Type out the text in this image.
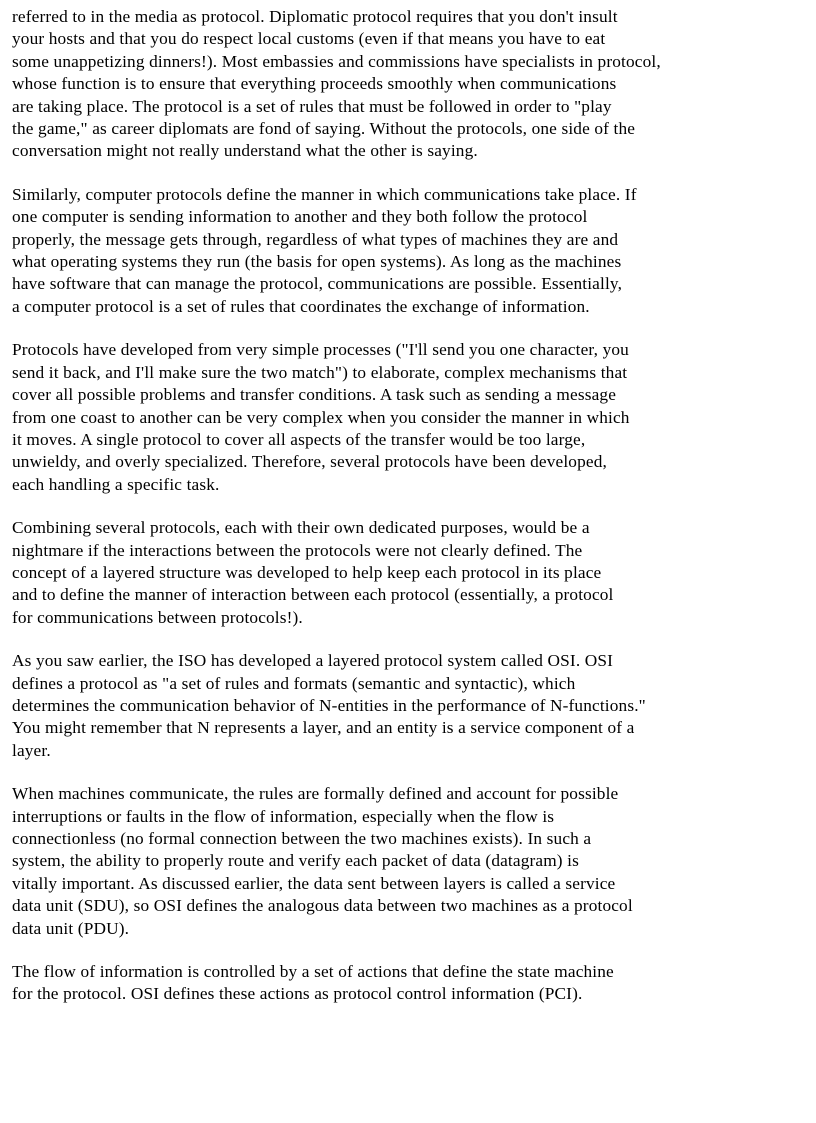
referred to in the media as protocol. Diplomatic protocol requires that you don't insult
your hosts and that you do respect local customs (even if that means you have to eat
some unappetizing dinners!). Most embassies and commissions have specialists in protocol,
whose function is to ensure that everything proceeds smoothly when communications
are taking place. The protocol is a set of rules that must be followed in order to "play
the game," as career diplomats are fond of saying. Without the protocols, one side of the
conversation might not really understand what the other is saying.

Similarly, computer protocols define the manner in which communications take place. If
one computer is sending information to another and they both follow the protocol
properly, the message gets through, regardless of what types of machines they are and
what operating systems they run (the basis for open systems). As long as the machines
have software that can manage the protocol, communications are possible. Essentially,
a computer protocol is a set of rules that coordinates the exchange of information.

Protocols have developed from very simple processes ("I'll send you one character, you
send it back, and I'll make sure the two match") to elaborate, complex mechanisms that
cover all possible problems and transfer conditions. A task such as sending a message
from one coast to another can be very complex when you consider the manner in which
it moves. A single protocol to cover all aspects of the transfer would be too large,
unwieldy, and overly specialized. Therefore, several protocols have been developed,
each handling a specific task.

Combining several protocols, each with their own dedicated purposes, would be a
nightmare if the interactions between the protocols were not clearly defined. The
concept of a layered structure was developed to help keep each protocol in its place
and to define the manner of interaction between each protocol (essentially, a protocol
for communications between protocols!).

As you saw earlier, the ISO has developed a layered protocol system called OSI. OSI
defines a protocol as "a set of rules and formats (semantic and syntactic), which
determines the communication behavior of N-entities in the performance of N-functions."
You might remember that N represents a layer, and an entity is a service component of a
layer.

When machines communicate, the rules are formally defined and account for possible
interruptions or faults in the flow of information, especially when the flow is
connectionless (no formal connection between the two machines exists). In such a
system, the ability to properly route and verify each packet of data (datagram) is
vitally important. As discussed earlier, the data sent between layers is called a service
data unit (SDU), so OSI defines the analogous data between two machines as a protocol
data unit (PDU).

The flow of information is controlled by a set of actions that define the state machine
for the protocol. OSI defines these actions as protocol control information (PCI).
